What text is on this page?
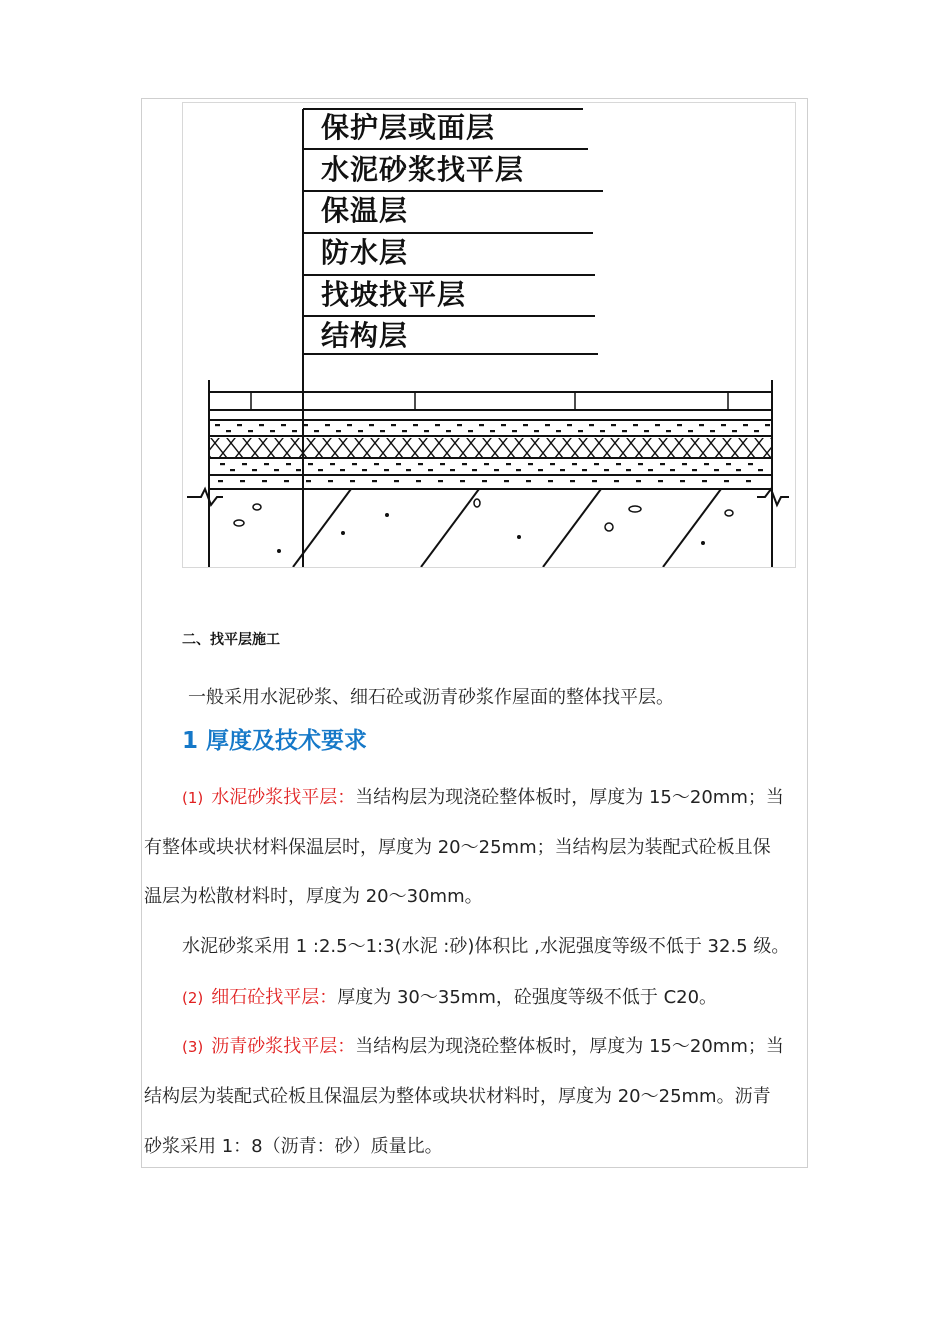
保护层或面层
水泥砂浆找平层
保温层
防水层
找坡找平层
结构层
二、找平层施工
一般采用水泥砂浆、细石砼或沥青砂浆作屋面的整体找平层。
1 厚度及技术要求
(1) 水泥砂浆找平层：当结构层为现浇砼整体板时，厚度为 15～20mm；当
有整体或块状材料保温层时，厚度为 20～25mm；当结构层为装配式砼板且保
温层为松散材料时，厚度为 20～30mm。
水泥砂浆采用 1 :2.5～1:3(水泥 :砂)体积比 ,水泥强度等级不低于 32.5 级。
(2) 细石砼找平层：厚度为 30～35mm，砼强度等级不低于 C20。
(3) 沥青砂浆找平层：当结构层为现浇砼整体板时，厚度为 15～20mm；当
结构层为装配式砼板且保温层为整体或块状材料时，厚度为 20～25mm。沥青
砂浆采用 1：8（沥青：砂）质量比。
